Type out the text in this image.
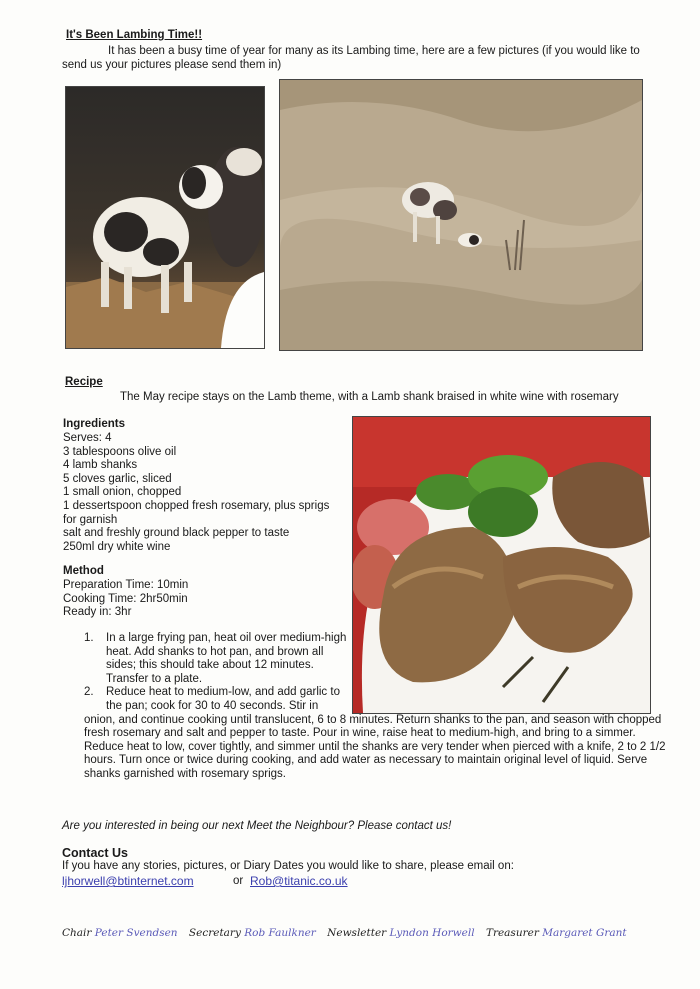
It's Been Lambing Time!!
It has been a busy time of year for many as its Lambing time, here are a few pictures (if you would like to send us your pictures please send them in)
Recipe
The May recipe stays on the Lamb theme, with a Lamb shank braised in white wine with rosemary
Ingredients
Serves: 4
3 tablespoons olive oil
4 lamb shanks
5 cloves garlic, sliced
1 small onion, chopped
1 dessertspoon chopped fresh rosemary, plus sprigs for garnish
salt and freshly ground black pepper to taste
250ml dry white wine
Method
Preparation Time: 10min
Cooking Time: 2hr50min
Ready in: 3hr
1. In a large frying pan, heat oil over medium-high heat. Add shanks to hot pan, and brown all sides; this should take about 12 minutes. Transfer to a plate.
2. Reduce heat to medium-low, and add garlic to the pan; cook for 30 to 40 seconds. Stir in
onion, and continue cooking until translucent, 6 to 8 minutes. Return shanks to the pan, and season with chopped fresh rosemary and salt and pepper to taste. Pour in wine, raise heat to medium-high, and bring to a simmer. Reduce heat to low, cover tightly, and simmer until the shanks are very tender when pierced with a knife, 2 to 2 1/2 hours. Turn once or twice during cooking, and add water as necessary to maintain original level of liquid. Serve shanks garnished with rosemary sprigs.
Are you interested in being our next Meet the Neighbour? Please contact us!
Contact Us
If you have any stories, pictures, or Diary Dates you would like to share, please email on:
ljhorwell@btinternet.com	or Rob@titanic.co.uk
Chair Peter Svendsen Secretary Rob Faulkner Newsletter Lyndon Horwell Treasurer Margaret Grant
